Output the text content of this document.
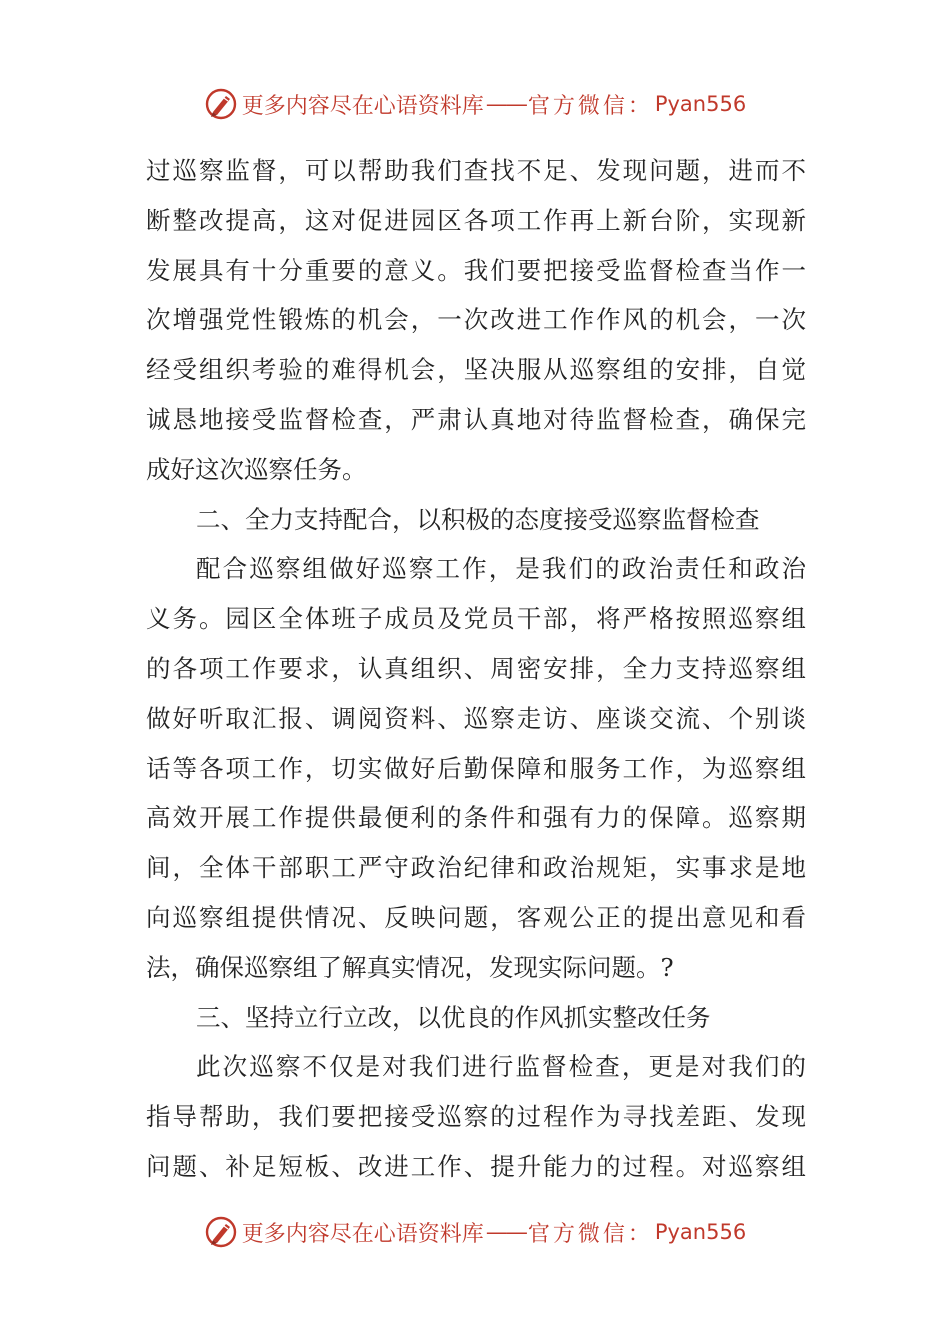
更多内容尽在心语资料库 —— 官方微信： Pyan556
过巡察监督，可以帮助我们查找不足、发现问题，进而不
断整改提高，这对促进园区各项工作再上新台阶，实现新
发展具有十分重要的意义。我们要把接受监督检查当作一
次增强党性锻炼的机会，一次改进工作作风的机会，一次
经受组织考验的难得机会，坚决服从巡察组的安排，自觉
诚恳地接受监督检查，严肃认真地对待监督检查，确保完
成好这次巡察任务。
二、全力支持配合，以积极的态度接受巡察监督检查
配合巡察组做好巡察工作，是我们的政治责任和政治
义务。园区全体班子成员及党员干部，将严格按照巡察组
的各项工作要求，认真组织、周密安排，全力支持巡察组
做好听取汇报、调阅资料、巡察走访、座谈交流、个别谈
话等各项工作，切实做好后勤保障和服务工作，为巡察组
高效开展工作提供最便利的条件和强有力的保障。巡察期
间，全体干部职工严守政治纪律和政治规矩，实事求是地
向巡察组提供情况、反映问题，客观公正的提出意见和看
法，确保巡察组了解真实情况，发现实际问题。?
三、坚持立行立改，以优良的作风抓实整改任务
此次巡察不仅是对我们进行监督检查，更是对我们的
指导帮助，我们要把接受巡察的过程作为寻找差距、发现
问题、补足短板、改进工作、提升能力的过程。对巡察组
更多内容尽在心语资料库 —— 官方微信： Pyan556
